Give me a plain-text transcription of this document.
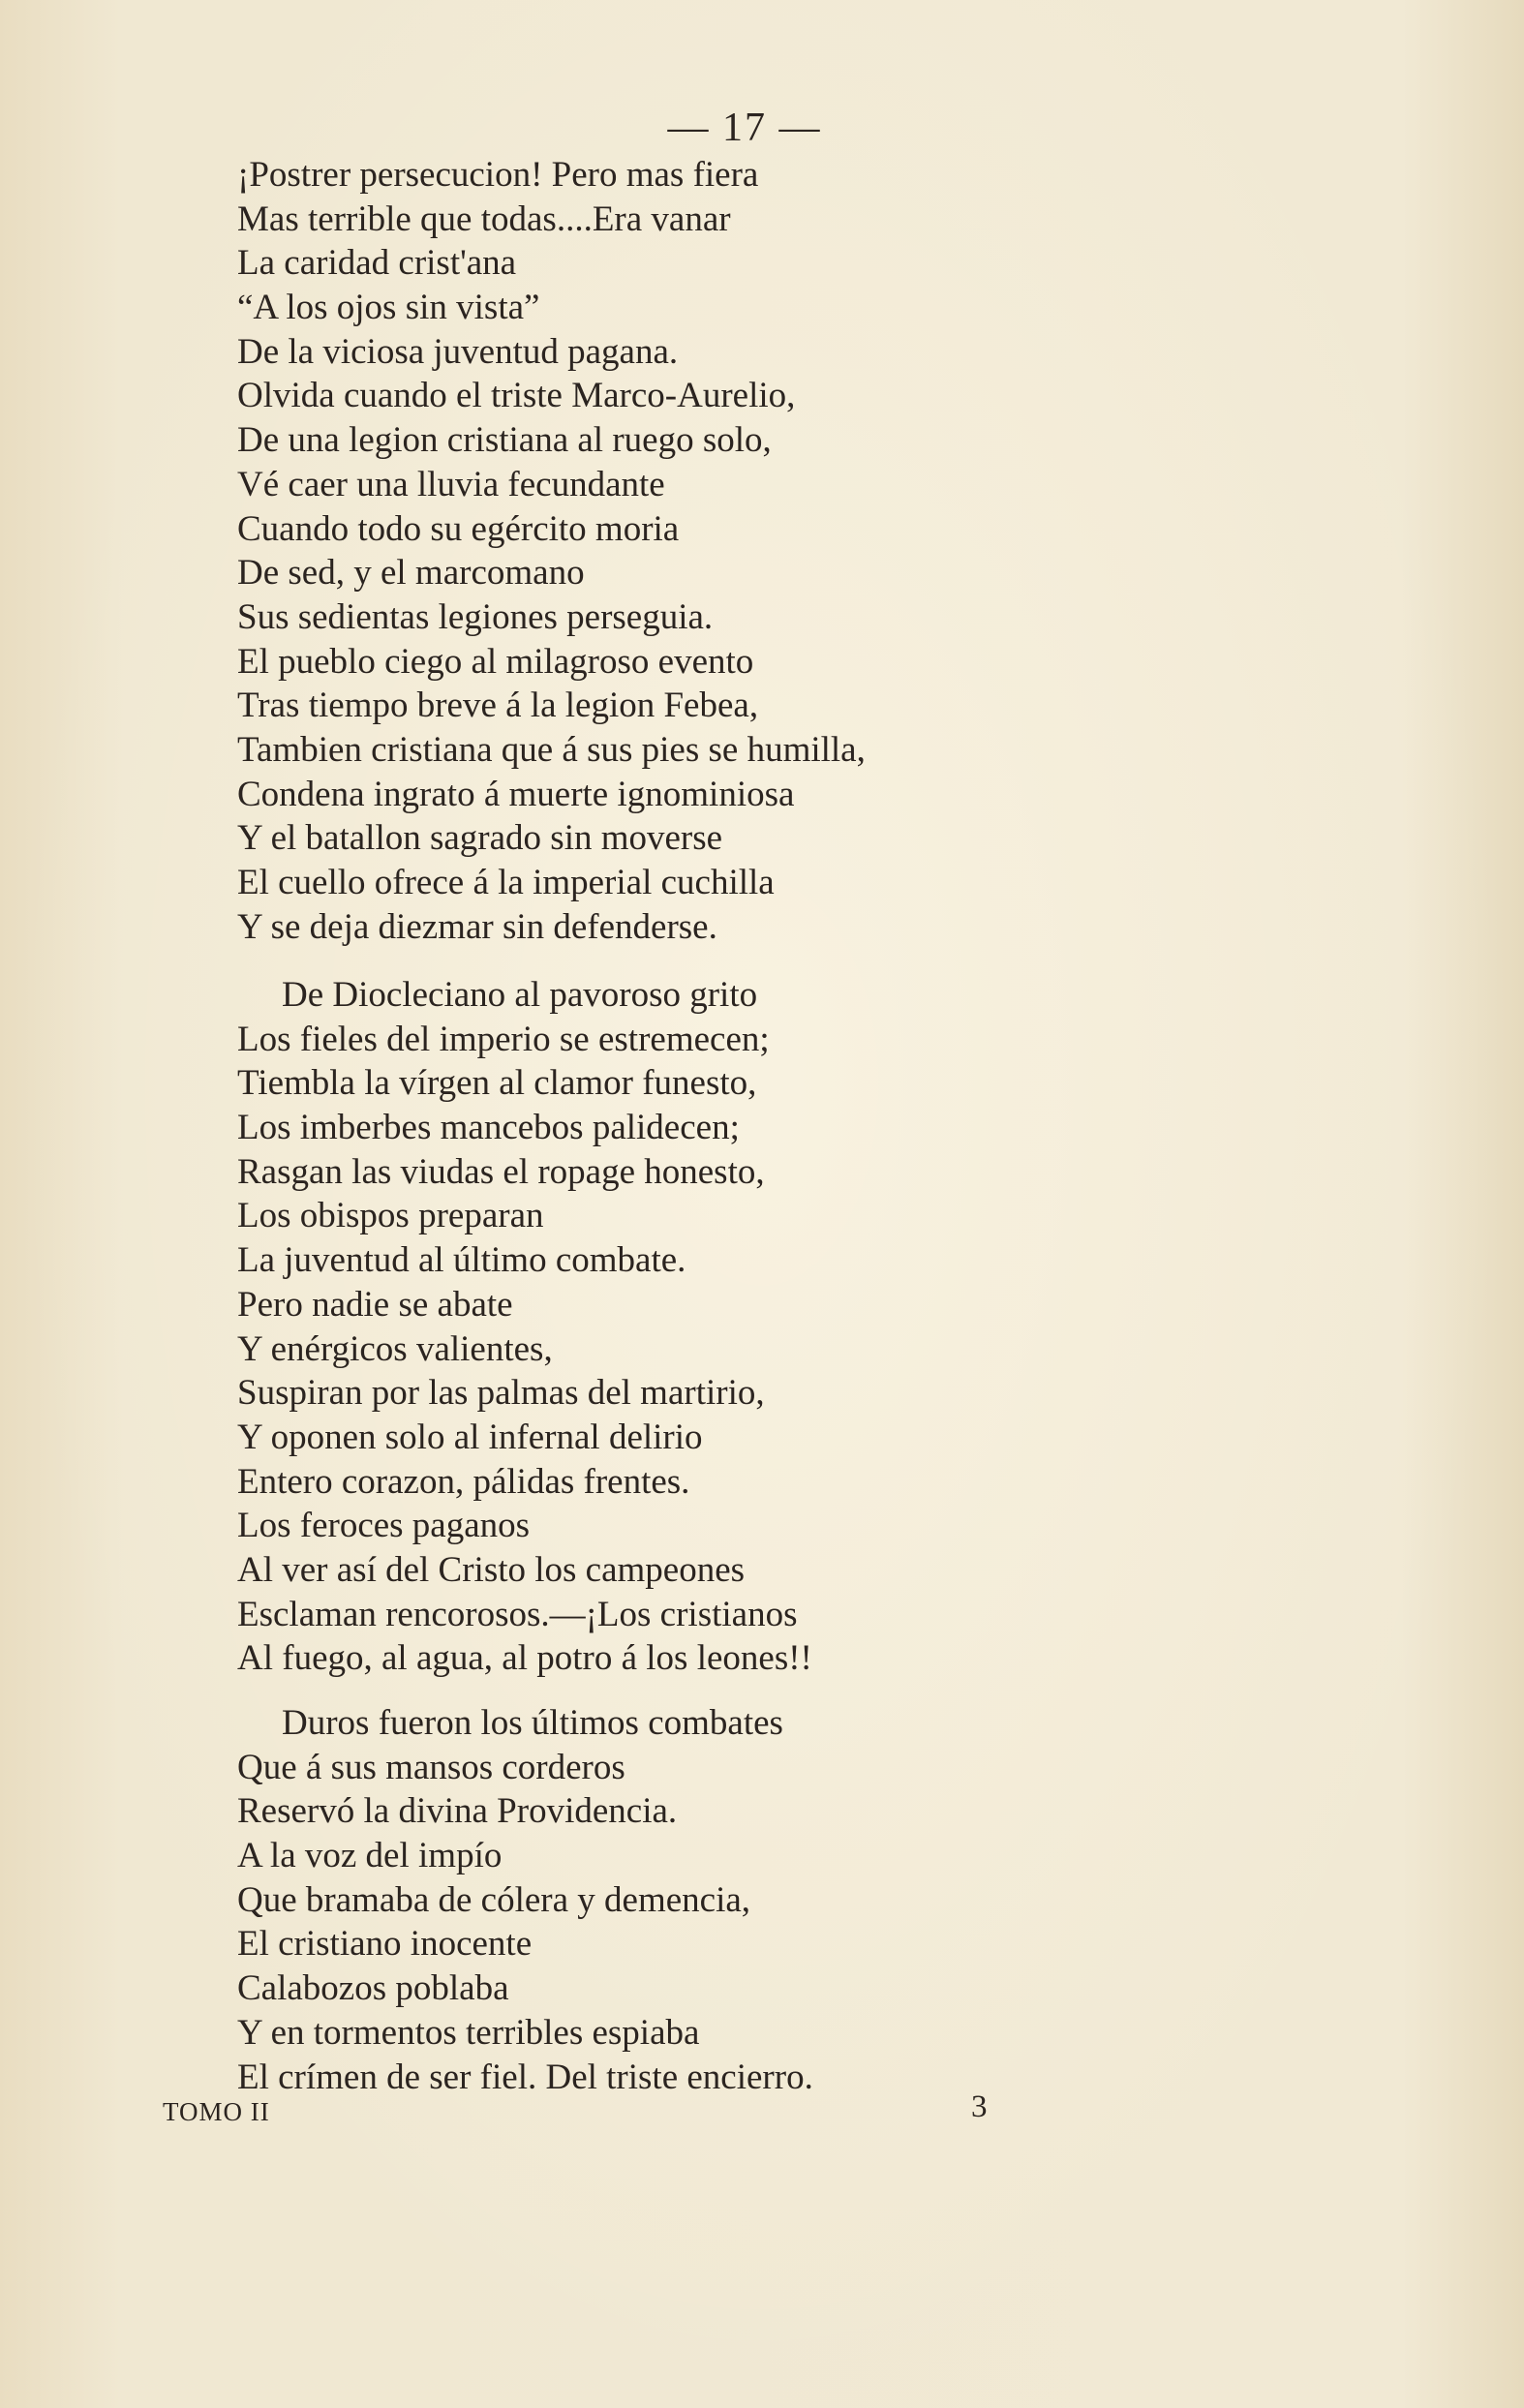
— 17 —
¡Postrer persecucion! Pero mas fiera
Mas terrible que todas....Era vanar
La caridad crist'ana
“A los ojos sin vista”
De la viciosa juventud pagana.
Olvida cuando el triste Marco-Aurelio,
De una legion cristiana al ruego solo,
Vé caer una lluvia fecundante
Cuando todo su egército moria
De sed, y el marcomano
Sus sedientas legiones perseguia.
El pueblo ciego al milagroso evento
Tras tiempo breve á la legion Febea,
Tambien cristiana que á sus pies se humilla,
Condena ingrato á muerte ignominiosa
Y el batallon sagrado sin moverse
El cuello ofrece á la imperial cuchilla
Y se deja diezmar sin defenderse.
De Diocleciano al pavoroso grito
Los fieles del imperio se estremecen;
Tiembla la vírgen al clamor funesto,
Los imberbes mancebos palidecen;
Rasgan las viudas el ropage honesto,
Los obispos preparan
La juventud al último combate.
Pero nadie se abate
Y enérgicos valientes,
Suspiran por las palmas del martirio,
Y oponen solo al infernal delirio
Entero corazon, pálidas frentes.
Los feroces paganos
Al ver así del Cristo los campeones
Esclaman rencorosos.—¡Los cristianos
Al fuego, al agua, al potro á los leones!!
Duros fueron los últimos combates
Que á sus mansos corderos
Reservó la divina Providencia.
A la voz del impío
Que bramaba de cólera y demencia,
El cristiano inocente
Calabozos poblaba
Y en tormentos terribles espiaba
El crímen de ser fiel. Del triste encierro.
TOMO II	3
